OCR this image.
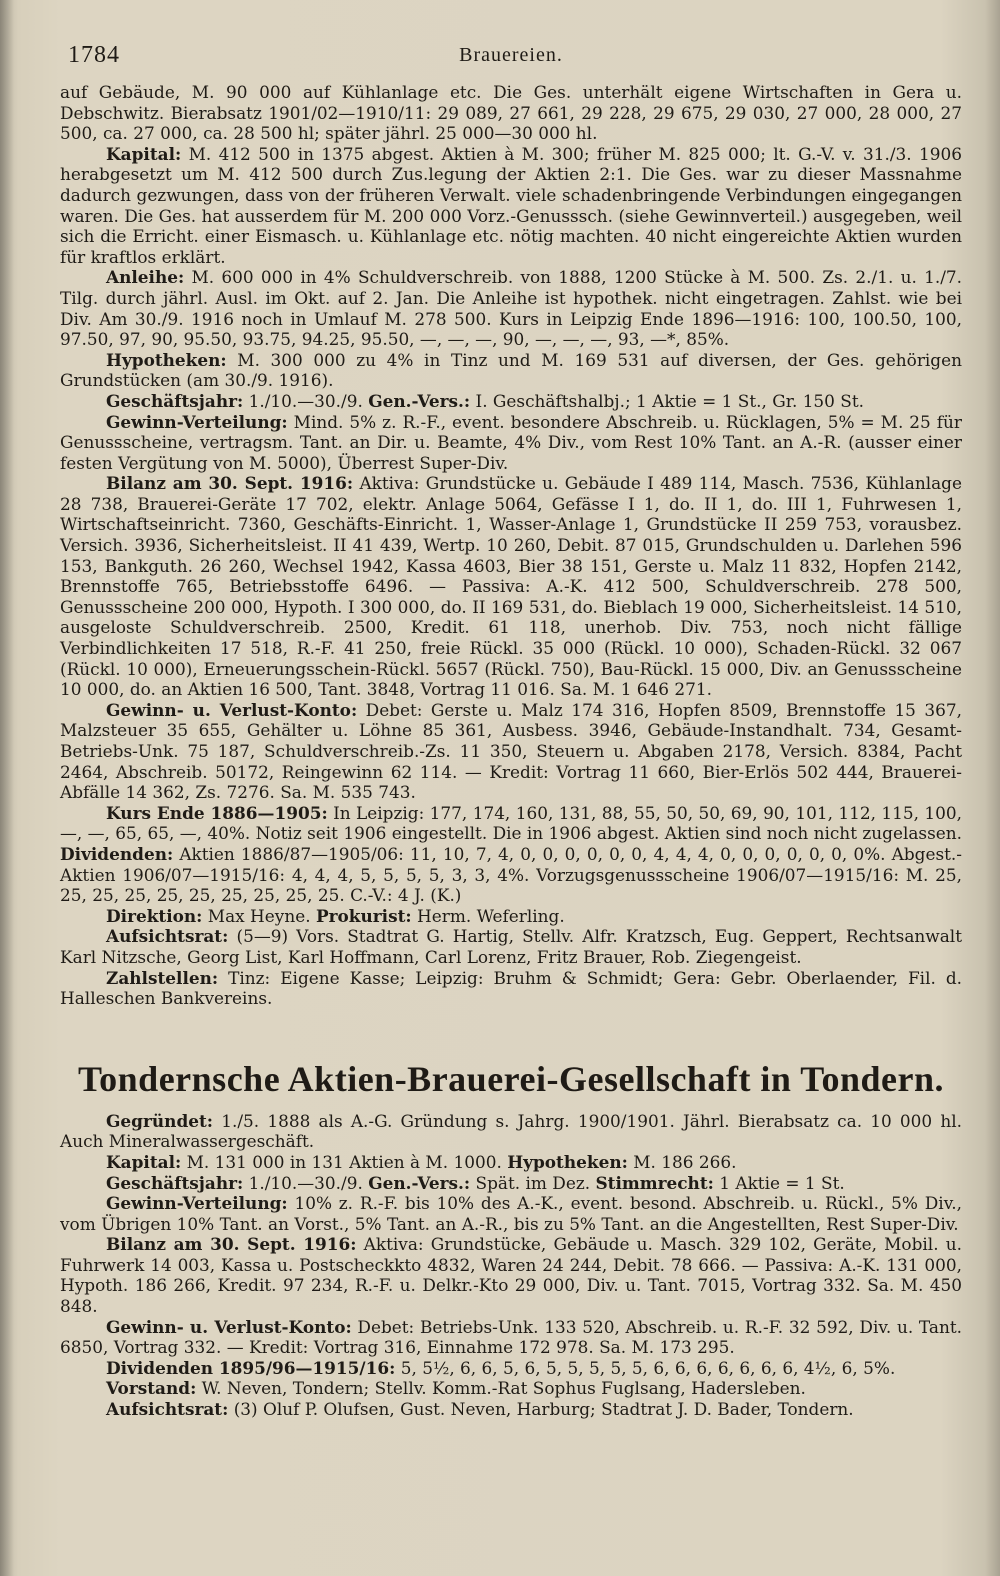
1784	Brauereien.

auf Gebäude, M. 90 000 auf Kühlanlage etc. Die Ges. unterhält eigene Wirtschaften in Gera u. Debschwitz. Bierabsatz 1901/02—1910/11: 29 089, 27 661, 29 228, 29 675, 29 030, 27 000, 28 000, 27 500, ca. 27 000, ca. 28 500 hl; später jährl. 25 000—30 000 hl.

Kapital: M. 412 500 in 1375 abgest. Aktien à M. 300; früher M. 825 000; lt. G.-V. v. 31./3. 1906 herabgesetzt um M. 412 500 durch Zus.legung der Aktien 2:1. Die Ges. war zu dieser Massnahme dadurch gezwungen, dass von der früheren Verwalt. viele schadenbringende Verbindungen eingegangen waren. Die Ges. hat ausserdem für M. 200 000 Vorz.-Genusssch. (siehe Gewinnverteil.) ausgegeben, weil sich die Erricht. einer Eismasch. u. Kühlanlage etc. nötig machten. 40 nicht eingereichte Aktien wurden für kraftlos erklärt.

Anleihe: M. 600 000 in 4% Schuldverschreib. von 1888, 1200 Stücke à M. 500. Zs. 2./1. u. 1./7. Tilg. durch jährl. Ausl. im Okt. auf 2. Jan. Die Anleihe ist hypothek. nicht eingetragen. Zahlst. wie bei Div. Am 30./9. 1916 noch in Umlauf M. 278 500. Kurs in Leipzig Ende 1896—1916: 100, 100.50, 100, 97.50, 97, 90, 95.50, 93.75, 94.25, 95.50, —, —, —, 90, —, —, —, 93, —*, 85%.

Hypotheken: M. 300 000 zu 4% in Tinz und M. 169 531 auf diversen, der Ges. gehörigen Grundstücken (am 30./9. 1916).

Geschäftsjahr: 1./10.—30./9. Gen.-Vers.: I. Geschäftshalbj.; 1 Aktie = 1 St., Gr. 150 St.

Gewinn-Verteilung: Mind. 5% z. R.-F., event. besondere Abschreib. u. Rücklagen, 5% = M. 25 für Genussscheine, vertragsm. Tant. an Dir. u. Beamte, 4% Div., vom Rest 10% Tant. an A.-R. (ausser einer festen Vergütung von M. 5000), Überrest Super-Div.

Bilanz am 30. Sept. 1916: Aktiva: Grundstücke u. Gebäude I 489 114, Masch. 7536, Kühlanlage 28 738, Brauerei-Geräte 17 702, elektr. Anlage 5064, Gefässe I 1, do. II 1, do. III 1, Fuhrwesen 1, Wirtschaftseinricht. 7360, Geschäfts-Einricht. 1, Wasser-Anlage 1, Grundstücke II 259 753, vorausbez. Versich. 3936, Sicherheitsleist. II 41 439, Wertp. 10 260, Debit. 87 015, Grundschulden u. Darlehen 596 153, Bankguth. 26 260, Wechsel 1942, Kassa 4603, Bier 38 151, Gerste u. Malz 11 832, Hopfen 2142, Brennstoffe 765, Betriebsstoffe 6496. — Passiva: A.-K. 412 500, Schuldverschreib. 278 500, Genussscheine 200 000, Hypoth. I 300 000, do. II 169 531, do. Bieblach 19 000, Sicherheitsleist. 14 510, ausgeloste Schuldverschreib. 2500, Kredit. 61 118, unerhob. Div. 753, noch nicht fällige Verbindlichkeiten 17 518, R.-F. 41 250, freie Rückl. 35 000 (Rückl. 10 000), Schaden-Rückl. 32 067 (Rückl. 10 000), Erneuerungsschein-Rückl. 5657 (Rückl. 750), Bau-Rückl. 15 000, Div. an Genussscheine 10 000, do. an Aktien 16 500, Tant. 3848, Vortrag 11 016. Sa. M. 1 646 271.

Gewinn- u. Verlust-Konto: Debet: Gerste u. Malz 174 316, Hopfen 8509, Brennstoffe 15 367, Malzsteuer 35 655, Gehälter u. Löhne 85 361, Ausbess. 3946, Gebäude-Instandhalt. 734, Gesamt-Betriebs-Unk. 75 187, Schuldverschreib.-Zs. 11 350, Steuern u. Abgaben 2178, Versich. 8384, Pacht 2464, Abschreib. 50172, Reingewinn 62 114. — Kredit: Vortrag 11 660, Bier-Erlös 502 444, Brauerei-Abfälle 14 362, Zs. 7276. Sa. M. 535 743.

Kurs Ende 1886—1905: In Leipzig: 177, 174, 160, 131, 88, 55, 50, 50, 69, 90, 101, 112, 115, 100, —, —, 65, 65, —, 40%. Notiz seit 1906 eingestellt. Die in 1906 abgest. Aktien sind noch nicht zugelassen. Dividenden: Aktien 1886/87—1905/06: 11, 10, 7, 4, 0, 0, 0, 0, 0, 0, 4, 4, 4, 0, 0, 0, 0, 0, 0, 0%. Abgest.-Aktien 1906/07—1915/16: 4, 4, 4, 5, 5, 5, 5, 3, 3, 4%. Vorzugsgenussscheine 1906/07—1915/16: M. 25, 25, 25, 25, 25, 25, 25, 25, 25, 25. C.-V.: 4 J. (K.)

Direktion: Max Heyne. Prokurist: Herm. Weferling.

Aufsichtsrat: (5—9) Vors. Stadtrat G. Hartig, Stellv. Alfr. Kratzsch, Eug. Geppert, Rechtsanwalt Karl Nitzsche, Georg List, Karl Hoffmann, Carl Lorenz, Fritz Brauer, Rob. Ziegengeist.

Zahlstellen: Tinz: Eigene Kasse; Leipzig: Bruhm & Schmidt; Gera: Gebr. Oberlaender, Fil. d. Halleschen Bankvereins.

Tondernsche Aktien-Brauerei-Gesellschaft in Tondern.

Gegründet: 1./5. 1888 als A.-G. Gründung s. Jahrg. 1900/1901. Jährl. Bierabsatz ca. 10 000 hl. Auch Mineralwassergeschäft.

Kapital: M. 131 000 in 131 Aktien à M. 1000. Hypotheken: M. 186 266.

Geschäftsjahr: 1./10.—30./9. Gen.-Vers.: Spät. im Dez. Stimmrecht: 1 Aktie = 1 St.

Gewinn-Verteilung: 10% z. R.-F. bis 10% des A.-K., event. besond. Abschreib. u. Rückl., 5% Div., vom Übrigen 10% Tant. an Vorst., 5% Tant. an A.-R., bis zu 5% Tant. an die Angestellten, Rest Super-Div.

Bilanz am 30. Sept. 1916: Aktiva: Grundstücke, Gebäude u. Masch. 329 102, Geräte, Mobil. u. Fuhrwerk 14 003, Kassa u. Postscheckkto 4832, Waren 24 244, Debit. 78 666. — Passiva: A.-K. 131 000, Hypoth. 186 266, Kredit. 97 234, R.-F. u. Delkr.-Kto 29 000, Div. u. Tant. 7015, Vortrag 332. Sa. M. 450 848.

Gewinn- u. Verlust-Konto: Debet: Betriebs-Unk. 133 520, Abschreib. u. R.-F. 32 592, Div. u. Tant. 6850, Vortrag 332. — Kredit: Vortrag 316, Einnahme 172 978. Sa. M. 173 295.

Dividenden 1895/96—1915/16: 5, 5½, 6, 6, 5, 6, 5, 5, 5, 5, 5, 6, 6, 6, 6, 6, 6, 6, 4½, 6, 5%.

Vorstand: W. Neven, Tondern; Stellv. Komm.-Rat Sophus Fuglsang, Hadersleben.

Aufsichtsrat: (3) Oluf P. Olufsen, Gust. Neven, Harburg; Stadtrat J. D. Bader, Tondern.
